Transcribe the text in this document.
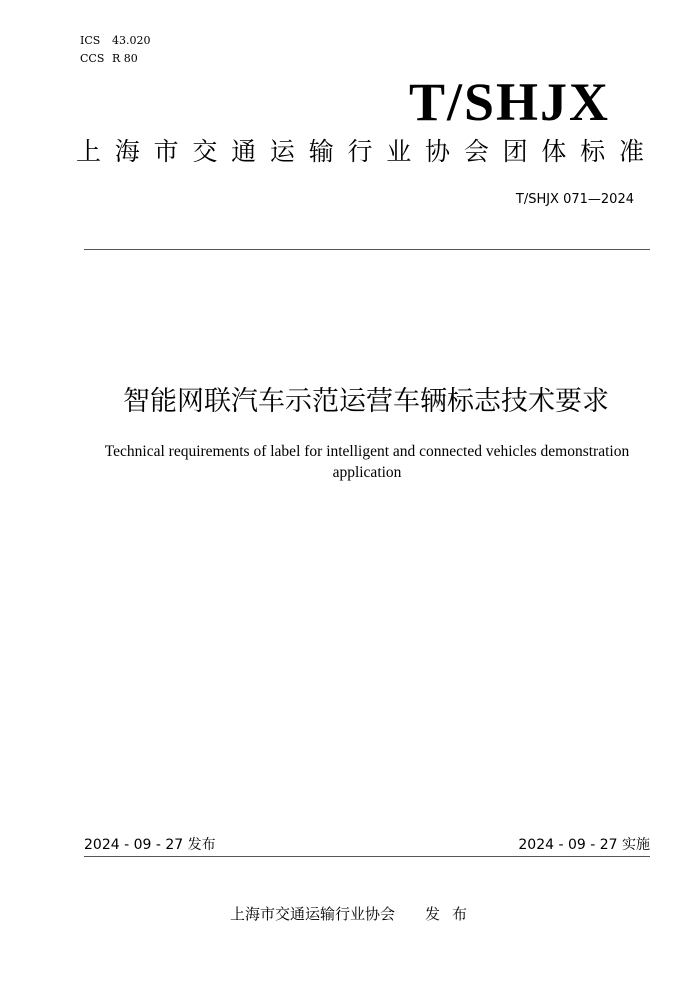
ICS 43.020
CCS R 80
T/SHJX
上 海 市 交 通 运 输 行 业 协 会 团 体 标 准
T/SHJX 071—2024
智能网联汽车示范运营车辆标志技术要求
Technical requirements of label for intelligent and connected vehicles demonstration application
2024 - 09 - 27 发布	2024 - 09 - 27 实施
上海市交通运输行业协会 发布
